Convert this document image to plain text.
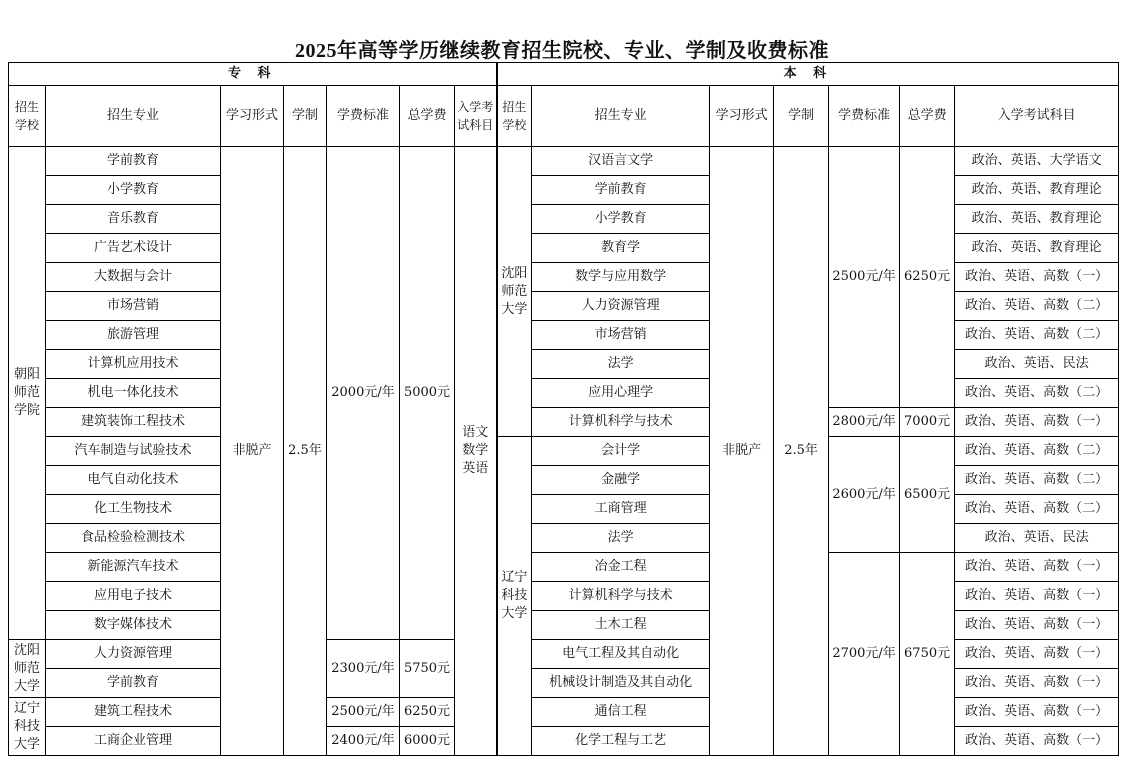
2025年高等学历继续教育招生院校、专业、学制及收费标准
专 科							本 科						
招生学校	招生专业	学习形式	学制	学费标准	总学费	入学考试科目	招生学校	招生专业	学习形式	学制	学费标准	总学费	入学考试科目
朝阳师范学院	学前教育	非脱产	2.5年	2000元/年	5000元	语文数学英语	沈阳师范大学	汉语言文学	非脱产	2.5年	2500元/年	6250元	政治、英语、大学语文
	小学教育							学前教育					政治、英语、教育理论
	音乐教育							小学教育					政治、英语、教育理论
	广告艺术设计							教育学					政治、英语、教育理论
	大数据与会计							数学与应用数学					政治、英语、高数（一）
	市场营销							人力资源管理					政治、英语、高数（二）
	旅游管理							市场营销					政治、英语、高数（二）
	计算机应用技术							法学					政治、英语、民法
	机电一体化技术							应用心理学					政治、英语、高数（二）
	建筑装饰工程技术							计算机科学与技术			2800元/年	7000元	政治、英语、高数（一）
	汽车制造与试验技术						辽宁科技大学	会计学			2600元/年	6500元	政治、英语、高数（二）
	电气自动化技术							金融学					政治、英语、高数（二）
	化工生物技术							工商管理					政治、英语、高数（二）
	食品检验检测技术							法学					政治、英语、民法
	新能源汽车技术							冶金工程			2700元/年	6750元	政治、英语、高数（一）
	应用电子技术							计算机科学与技术					政治、英语、高数（一）
	数字媒体技术							土木工程					政治、英语、高数（一）
沈阳师范大学	人力资源管理			2300元/年	5750元			电气工程及其自动化					政治、英语、高数（一）
	学前教育							机械设计制造及其自动化					政治、英语、高数（一）
辽宁科技大学	建筑工程技术			2500元/年	6250元			通信工程					政治、英语、高数（一）
	工商企业管理			2400元/年	6000元			化学工程与工艺					政治、英语、高数（一）
